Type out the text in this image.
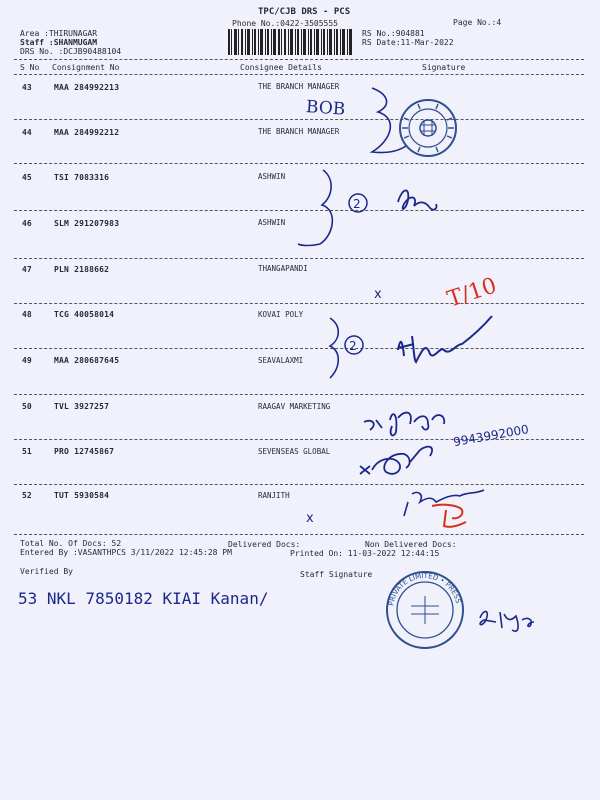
TPC/CJB DRS - PCS
Phone No.:0422-3505555	Page No.:4
Area :THIRUNAGAR
Staff :SHANMUGAM
DRS No. :DCJB90488104
RS No.:904881
RS Date:11-Mar-2022
S No Consignment No	Consignee Details	Signature
43	MAA 284992213	THE BRANCH MANAGER
44	MAA 284992212	THE BRANCH MANAGER
45	TSI 7083316	ASHWIN
46	SLM 291207983	ASHWIN
47	PLN 2188662	THANGAPANDI
48	TCG 40058014	KOVAI POLY
49	MAA 280687645	SEAVALAXMI
50	TVL 3927257	RAAGAV MARKETING
51	PRO 12745867	SEVENSEAS GLOBAL
52	TUT 5930584	RANJITH
Total No. Of Docs: 52	Delivered Docs:	Non Delivered Docs:
Entered By :VASANTHPCS 3/11/2022 12:45:28 PM	Printed On: 11-03-2022 12:44:15
Verified By	Staff Signature
BOB
2
x	T/10
2
9943992000
x
53 NKL 7850182 KIAI Kanan/	PRIVATE LIMITED • PRESS
